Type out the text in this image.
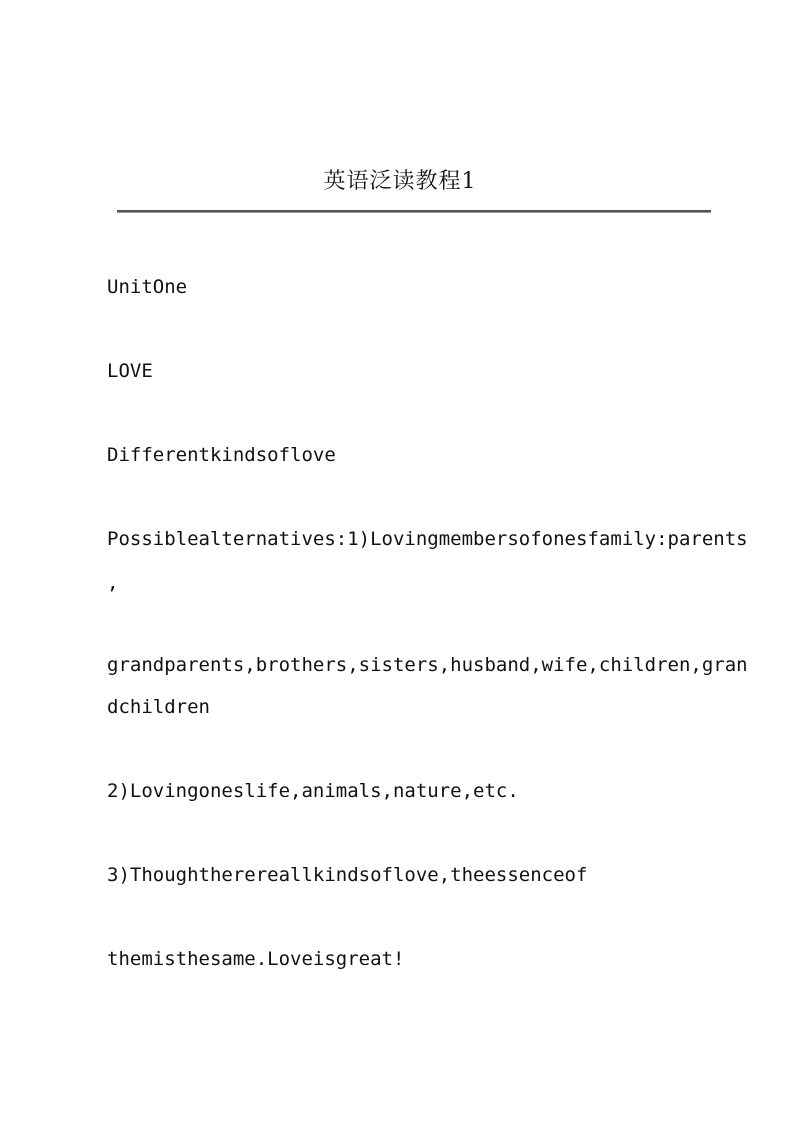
英语泛读教程1
UnitOne
LOVE
Differentkindsoflove
Possiblealternatives:1)Lovingmembersofonesfamily:parents
,
grandparents,brothers,sisters,husband,wife,children,gran
dchildren
2)Lovingoneslife,animals,nature,etc.
3)Thoughtherereallkindsoflove,theessenceof
themisthesame.Loveisgreat!
